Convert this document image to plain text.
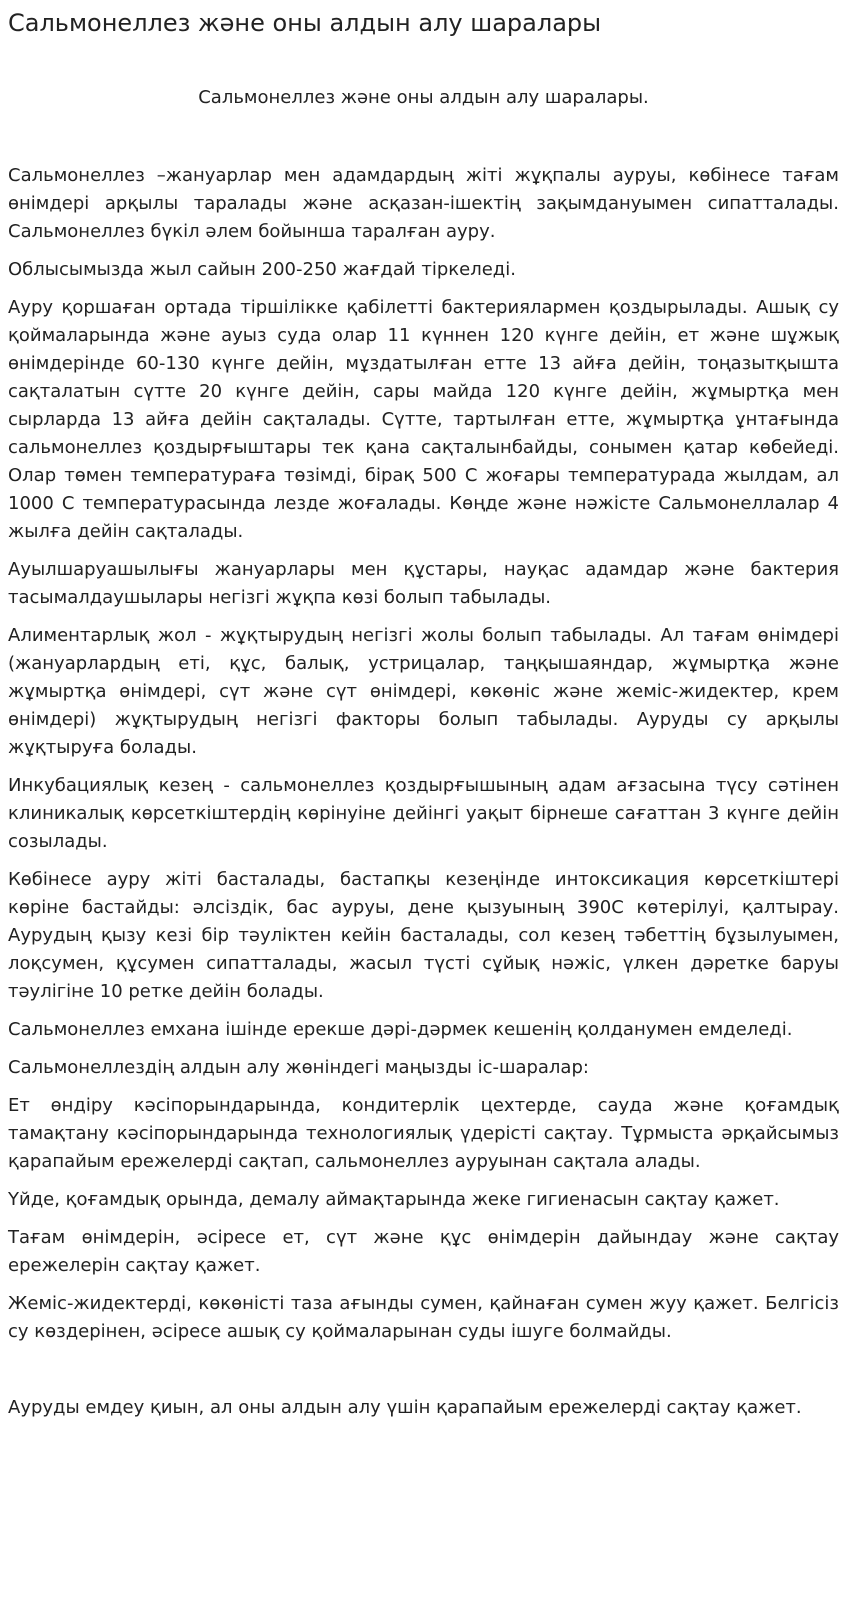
Сальмонеллез және оны алдын алу шаралары
Сальмонеллез және оны алдын алу шаралары.

Сальмонеллез –жануарлар мен адамдардың жіті жұқпалы ауруы, көбінесе тағам өнімдері арқылы таралады және асқазан-ішектің зақымдануымен сипатталады. Сальмонеллез бүкіл әлем бойынша таралған ауру.

Облысымызда жыл сайын 200-250 жағдай тіркеледі.

Ауру қоршаған ортада тіршілікке қабілетті бактериялармен қоздырылады. Ашық су қоймаларында және ауыз суда олар 11 күннен 120 күнге дейін, ет және шұжық өнімдерінде 60-130 күнге дейін, мұздатылған етте 13 айға дейін, тоңазытқышта сақталатын сүтте 20 күнге дейін, сары майда 120 күнге дейін, жұмыртқа мен сырларда 13 айға дейін сақталады. Сүтте, тартылған етте, жұмыртқа ұнтағында сальмонеллез қоздырғыштары тек қана сақталынбайды, сонымен қатар көбейеді. Олар төмен температураға төзімді, бірақ 500 С жоғары температурада жылдам, ал 1000 С температурасында лезде жоғалады. Көңде және нәжісте Сальмонеллалар 4 жылға дейін сақталады.

Ауылшаруашылығы жануарлары мен құстары, науқас адамдар және бактерия тасымалдаушылары негізгі жұқпа көзі болып табылады.

Алиментарлық жол - жұқтырудың негізгі жолы болып табылады. Ал тағам өнімдері (жануарлардың еті, құс, балық, устрицалар, таңқышаяндар, жұмыртқа және жұмыртқа өнімдері, сүт және сүт өнімдері, көкөніс және жеміс-жидектер, крем өнімдері) жұқтырудың негізгі факторы болып табылады. Ауруды су арқылы жұқтыруға болады.

Инкубациялық кезең - сальмонеллез қоздырғышының адам ағзасына түсу сәтінен клиникалық көрсеткіштердің көрінуіне дейінгі уақыт бірнеше сағаттан 3 күнге дейін созылады.

Көбінесе ауру жіті басталады, бастапқы кезеңінде интоксикация көрсеткіштері көріне бастайды: әлсіздік, бас ауруы, дене қызуының 390С көтерілуі, қалтырау. Аурудың қызу кезі бір тәуліктен кейін басталады, сол кезең тәбеттің бұзылуымен, лоқсумен, құсумен сипатталады, жасыл түсті сұйық нәжіс, үлкен дәретке баруы тәулігіне 10 ретке дейін болады.

Сальмонеллез емхана ішінде ерекше дәрі-дәрмек кешенің қолданумен емделеді.

Сальмонеллездің алдын алу жөніндегі маңызды іс-шаралар:

Ет өндіру кәсіпорындарында, кондитерлік цехтерде, сауда және қоғамдық тамақтану кәсіпорындарында технологиялық үдерісті сақтау. Тұрмыста әрқайсымыз қарапайым ережелерді сақтап, сальмонеллез ауруынан сақтала алады.

Үйде, қоғамдық орында, демалу аймақтарында жеке гигиенасын сақтау қажет.

Тағам өнімдерін, әсіресе ет, сүт және құс өнімдерін дайындау және сақтау ережелерін сақтау қажет.

Жеміс-жидектерді, көкөністі таза ағынды сумен, қайнаған сумен жуу қажет. Белгісіз су көздерінен, әсіресе ашық су қоймаларынан суды ішуге болмайды.

Ауруды емдеу қиын, ал оны алдын алу үшін қарапайым ережелерді сақтау қажет.
